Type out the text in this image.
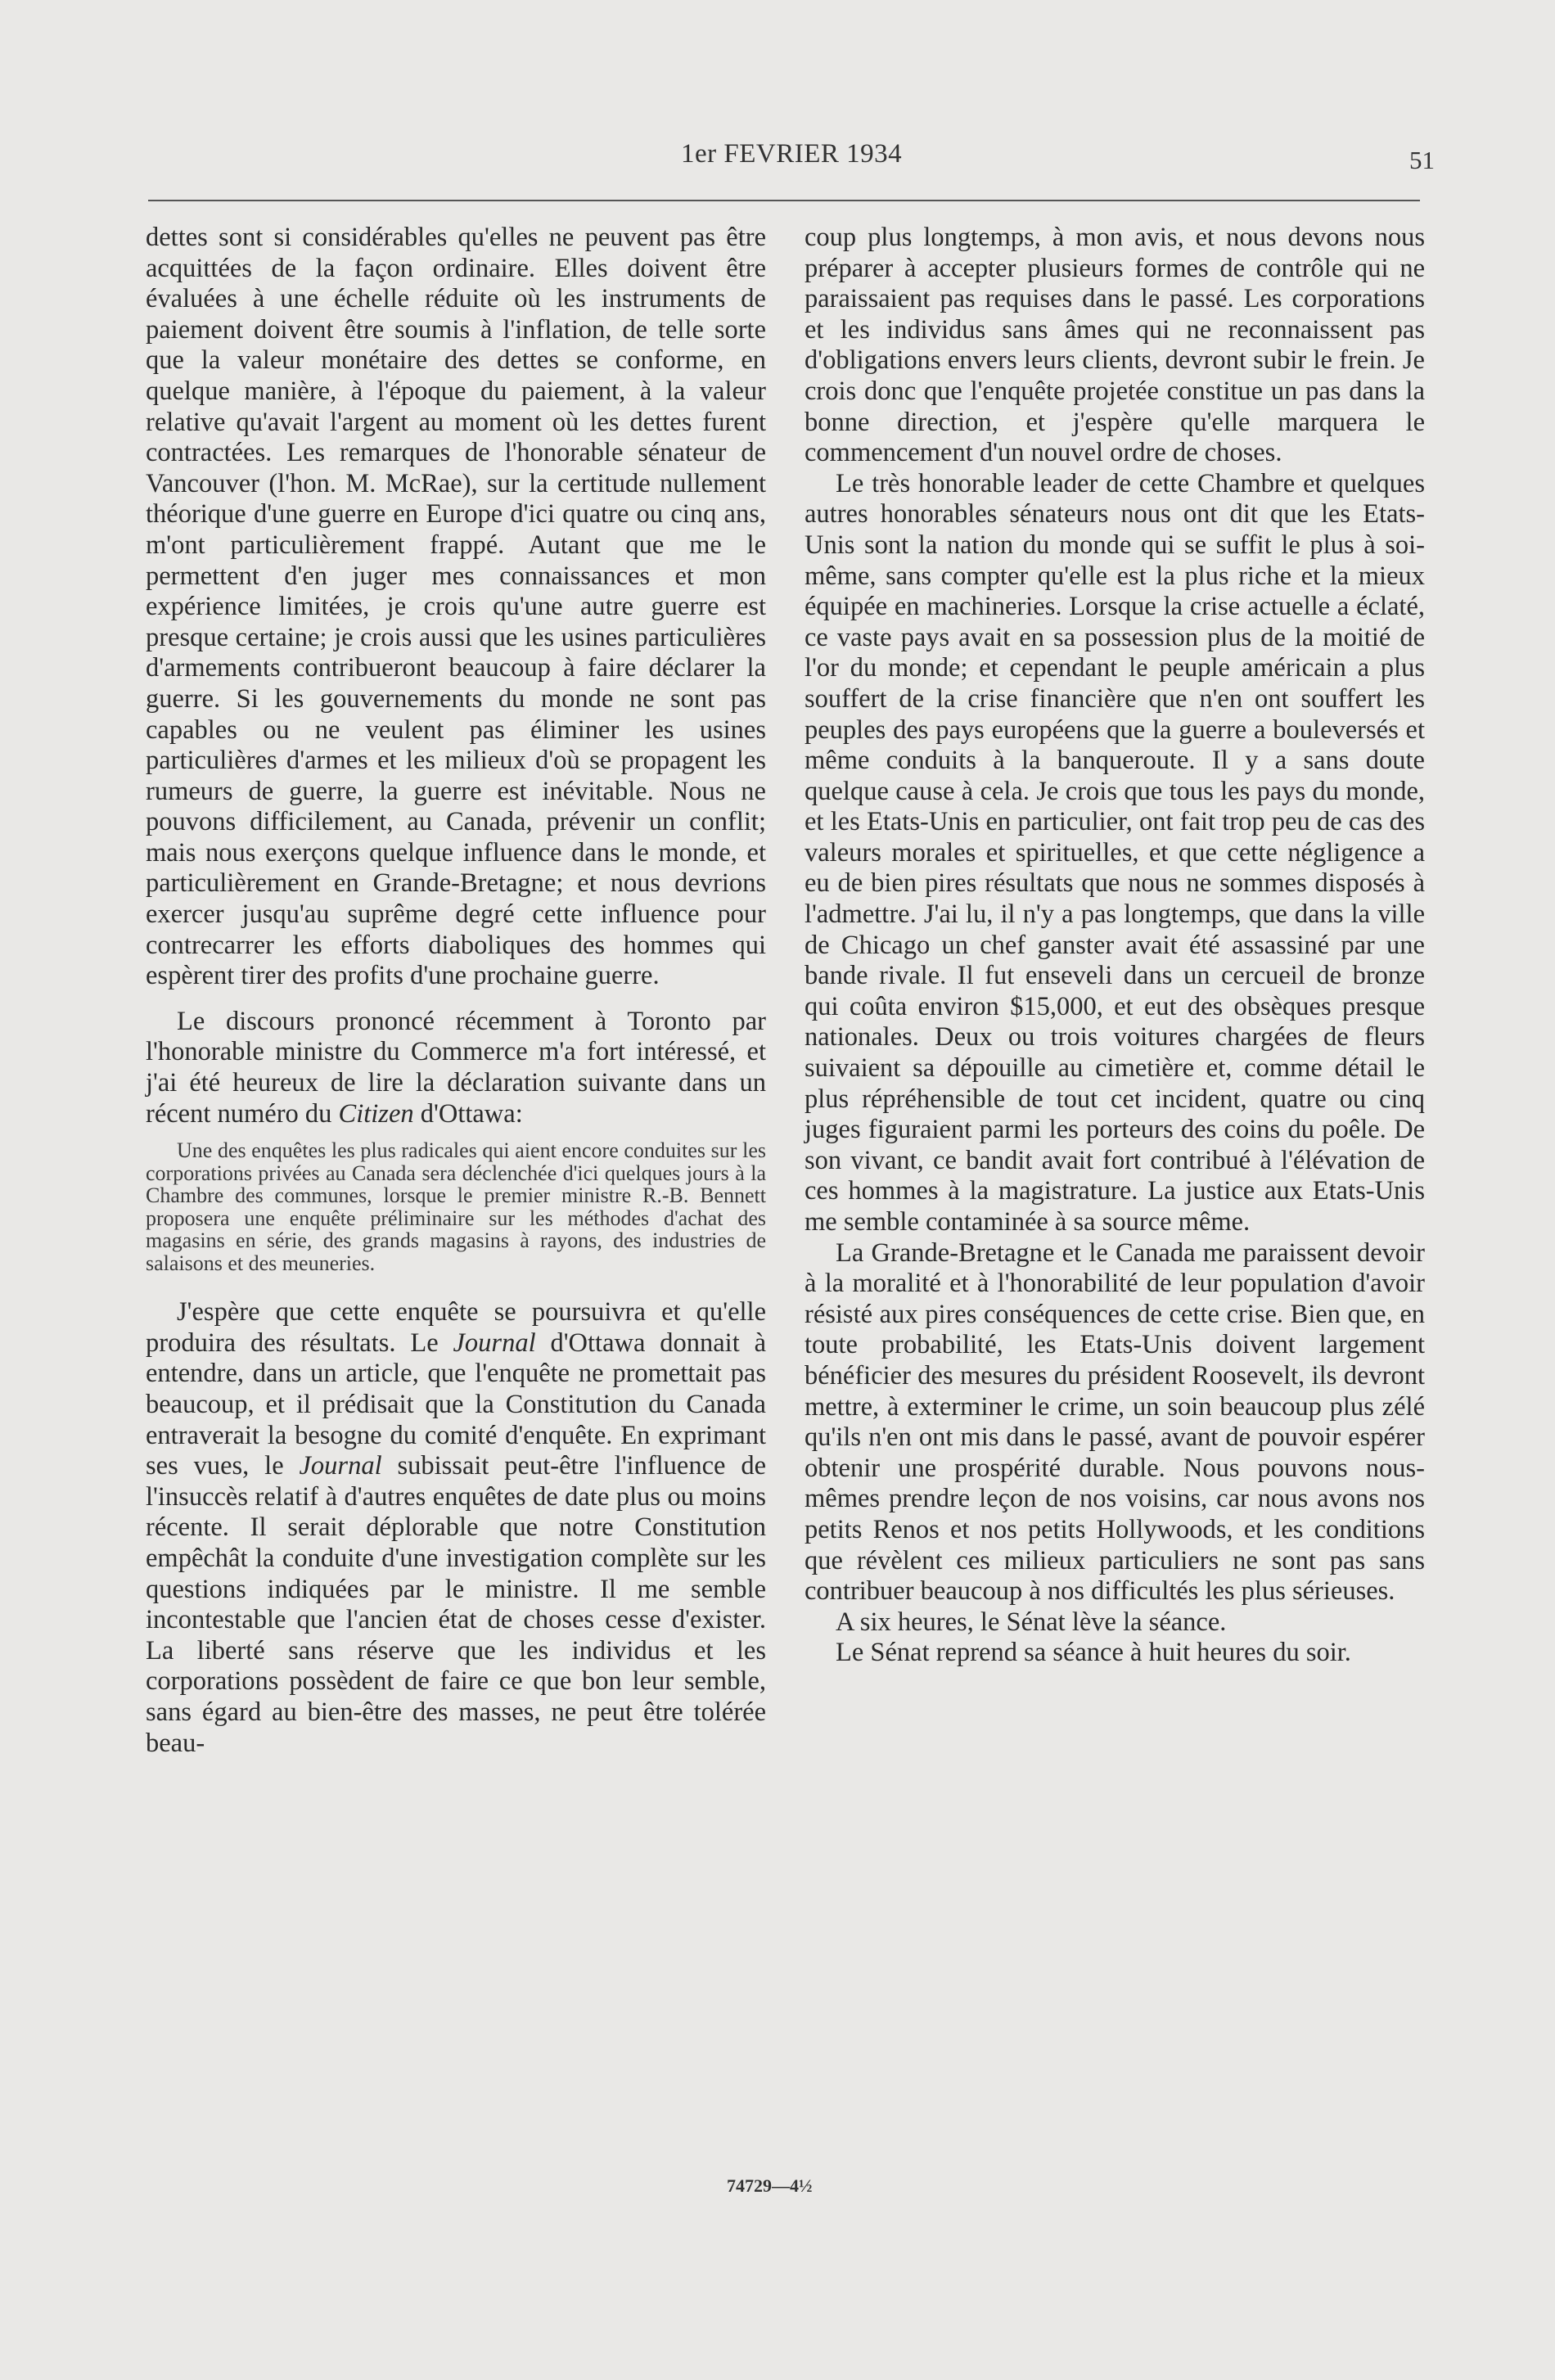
1er FEVRIER 1934	51

dettes sont si considérables qu'elles ne peuvent pas être acquittées de la façon ordinaire. Elles doivent être évaluées à une échelle réduite où les instruments de paiement doivent être soumis à l'inflation, de telle sorte que la valeur monétaire des dettes se conforme, en quelque manière, à l'époque du paiement, à la valeur relative qu'avait l'argent au moment où les dettes furent contractées. Les remarques de l'honorable sénateur de Vancouver (l'hon. M. McRae), sur la certitude nullement théorique d'une guerre en Europe d'ici quatre ou cinq ans, m'ont particulièrement frappé. Autant que me le permettent d'en juger mes connaissances et mon expérience limitées, je crois qu'une autre guerre est presque certaine; je crois aussi que les usines particulières d'armements contribueront beaucoup à faire déclarer la guerre. Si les gouvernements du monde ne sont pas capables ou ne veulent pas éliminer les usines particulières d'armes et les milieux d'où se propagent les rumeurs de guerre, la guerre est inévitable. Nous ne pouvons difficilement, au Canada, prévenir un conflit; mais nous exerçons quelque influence dans le monde, et particulièrement en Grande-Bretagne; et nous devrions exercer jusqu'au suprême degré cette influence pour contrecarrer les efforts diaboliques des hommes qui espèrent tirer des profits d'une prochaine guerre.

Le discours prononcé récemment à Toronto par l'honorable ministre du Commerce m'a fort intéressé, et j'ai été heureux de lire la déclaration suivante dans un récent numéro du Citizen d'Ottawa:

Une des enquêtes les plus radicales qui aient encore conduites sur les corporations privées au Canada sera déclenchée d'ici quelques jours à la Chambre des communes, lorsque le premier ministre R.-B. Bennett proposera une enquête préliminaire sur les méthodes d'achat des magasins en série, des grands magasins à rayons, des industries de salaisons et des meuneries.

J'espère que cette enquête se poursuivra et qu'elle produira des résultats. Le Journal d'Ottawa donnait à entendre, dans un article, que l'enquête ne promettait pas beaucoup, et il prédisait que la Constitution du Canada entraverait la besogne du comité d'enquête. En exprimant ses vues, le Journal subissait peut-être l'influence de l'insuccès relatif à d'autres enquêtes de date plus ou moins récente. Il serait déplorable que notre Constitution empêchât la conduite d'une investigation complète sur les questions indiquées par le ministre. Il me semble incontestable que l'ancien état de choses cesse d'exister. La liberté sans réserve que les individus et les corporations possèdent de faire ce que bon leur semble, sans égard au bien-être des masses, ne peut être tolérée beau-

coup plus longtemps, à mon avis, et nous devons nous préparer à accepter plusieurs formes de contrôle qui ne paraissaient pas requises dans le passé. Les corporations et les individus sans âmes qui ne reconnaissent pas d'obligations envers leurs clients, devront subir le frein. Je crois donc que l'enquête projetée constitue un pas dans la bonne direction, et j'espère qu'elle marquera le commencement d'un nouvel ordre de choses.

Le très honorable leader de cette Chambre et quelques autres honorables sénateurs nous ont dit que les Etats-Unis sont la nation du monde qui se suffit le plus à soi-même, sans compter qu'elle est la plus riche et la mieux équipée en machineries. Lorsque la crise actuelle a éclaté, ce vaste pays avait en sa possession plus de la moitié de l'or du monde; et cependant le peuple américain a plus souffert de la crise financière que n'en ont souffert les peuples des pays européens que la guerre a bouleversés et même conduits à la banqueroute. Il y a sans doute quelque cause à cela. Je crois que tous les pays du monde, et les Etats-Unis en particulier, ont fait trop peu de cas des valeurs morales et spirituelles, et que cette négligence a eu de bien pires résultats que nous ne sommes disposés à l'admettre. J'ai lu, il n'y a pas longtemps, que dans la ville de Chicago un chef ganster avait été assassiné par une bande rivale. Il fut enseveli dans un cercueil de bronze qui coûta environ $15,000, et eut des obsèques presque nationales. Deux ou trois voitures chargées de fleurs suivaient sa dépouille au cimetière et, comme détail le plus répréhensible de tout cet incident, quatre ou cinq juges figuraient parmi les porteurs des coins du poêle. De son vivant, ce bandit avait fort contribué à l'élévation de ces hommes à la magistrature. La justice aux Etats-Unis me semble contaminée à sa source même.

La Grande-Bretagne et le Canada me paraissent devoir à la moralité et à l'honorabilité de leur population d'avoir résisté aux pires conséquences de cette crise. Bien que, en toute probabilité, les Etats-Unis doivent largement bénéficier des mesures du président Roosevelt, ils devront mettre, à exterminer le crime, un soin beaucoup plus zélé qu'ils n'en ont mis dans le passé, avant de pouvoir espérer obtenir une prospérité durable. Nous pouvons nous-mêmes prendre leçon de nos voisins, car nous avons nos petits Renos et nos petits Hollywoods, et les conditions que révèlent ces milieux particuliers ne sont pas sans contribuer beaucoup à nos difficultés les plus sérieuses.

A six heures, le Sénat lève la séance.

Le Sénat reprend sa séance à huit heures du soir.

74729—4½
